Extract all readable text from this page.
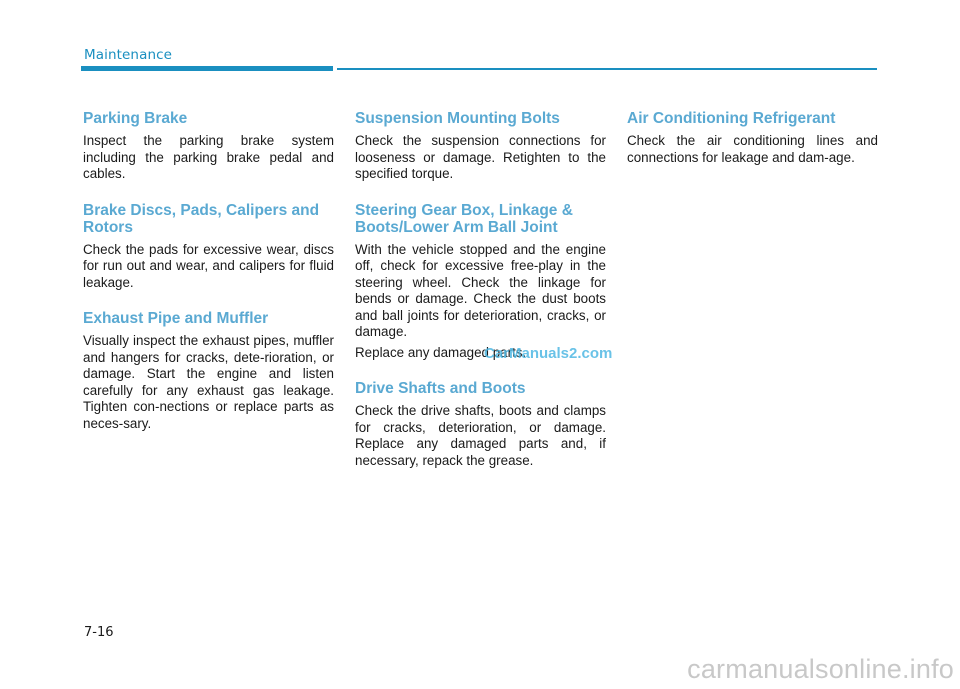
Maintenance
Parking Brake

Inspect the parking brake system including the parking brake pedal and cables.

Brake Discs, Pads, Calipers and Rotors

Check the pads for excessive wear, discs for run out and wear, and calipers for fluid leakage.

Exhaust Pipe and Muffler

Visually inspect the exhaust pipes, muffler and hangers for cracks, dete-rioration, or damage. Start the engine and listen carefully for any exhaust gas leakage. Tighten con-nections or replace parts as neces-sary.

Suspension Mounting Bolts

Check the suspension connections for looseness or damage. Retighten to the specified torque.

Steering Gear Box, Linkage & Boots/Lower Arm Ball Joint

With the vehicle stopped and the engine off, check for excessive free-play in the steering wheel. Check the linkage for bends or damage. Check the dust boots and ball joints for deterioration, cracks, or damage.

Replace any damaged parts.

Drive Shafts and Boots

Check the drive shafts, boots and clamps for cracks, deterioration, or damage. Replace any damaged parts and, if necessary, repack the grease.

Air Conditioning Refrigerant

Check the air conditioning lines and connections for leakage and dam-age.

CarManuals2.com
7-16
carmanualsonline.info
